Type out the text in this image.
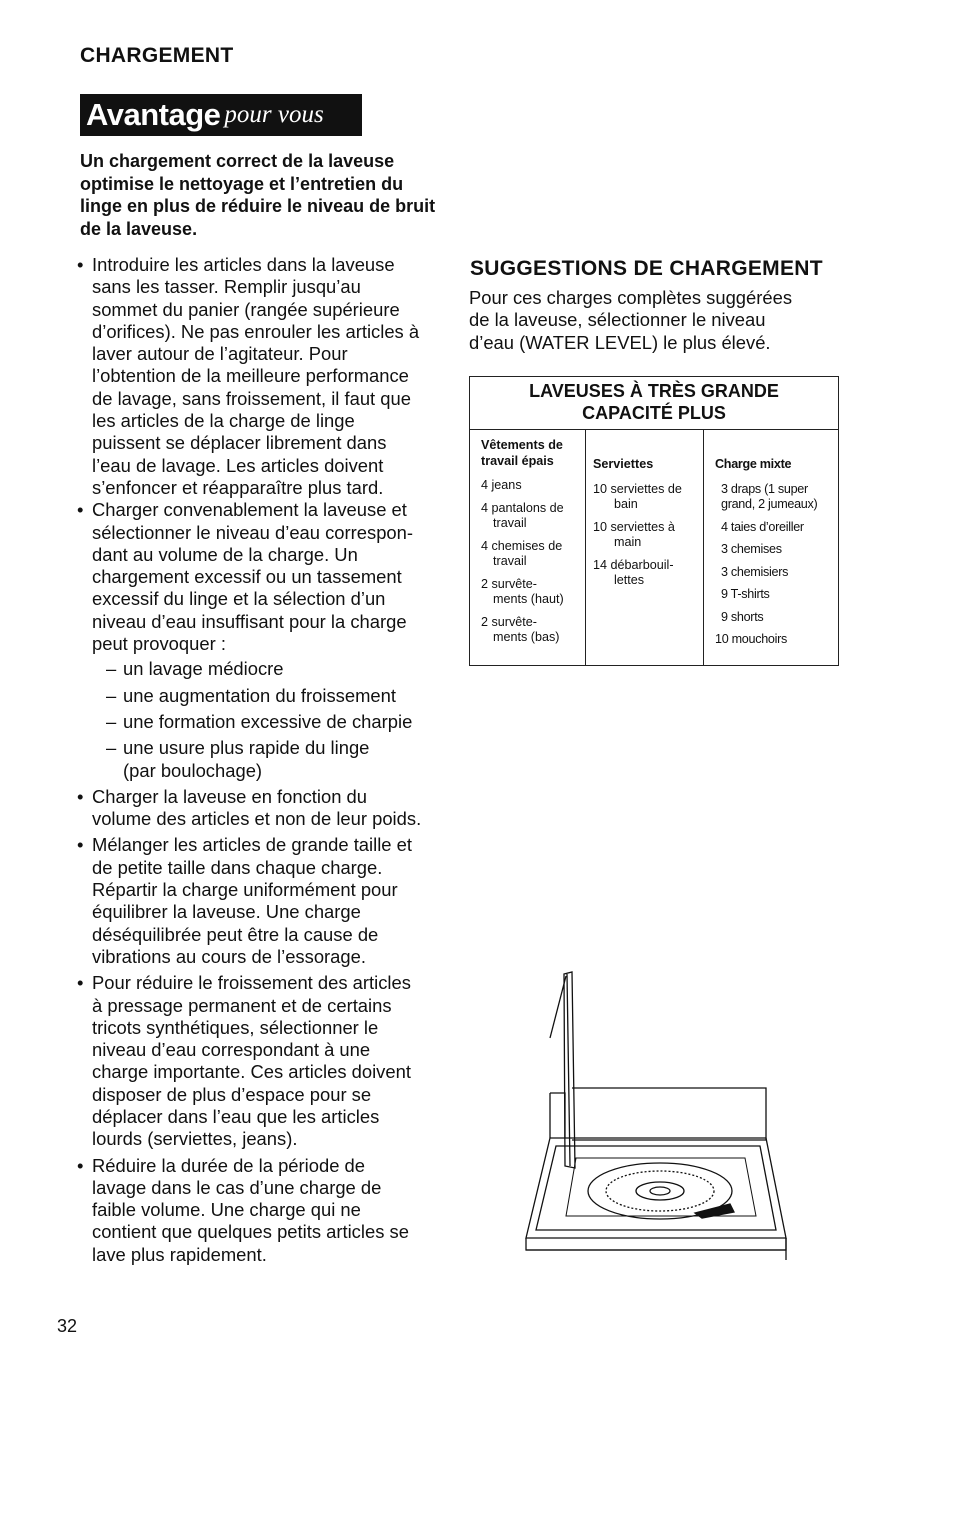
CHARGEMENT
Avantage pour vous
Un chargement correct de la laveuse optimise le nettoyage et l’entretien du linge en plus de réduire le niveau de bruit de la laveuse.
• Introduire les articles dans la laveuse
sans les tasser. Remplir jusqu’au
sommet du panier (rangée supérieure
d’orifices). Ne pas enrouler les articles à
laver autour de l’agitateur. Pour
l’obtention de la meilleure performance
de lavage, sans froissement, il faut que
les articles de la charge de linge
puissent se déplacer librement dans
l’eau de lavage. Les articles doivent
s’enfoncer et réapparaître plus tard.
• Charger convenablement la laveuse et
sélectionner le niveau d’eau correspon-
dant au volume de la charge. Un
chargement excessif ou un tassement
excessif du linge et la sélection d’un
niveau d’eau insuffisant pour la charge
peut provoquer :
– un lavage médiocre
– une augmentation du froissement
– une formation excessive de charpie
– une usure plus rapide du linge
(par boulochage)
• Charger la laveuse en fonction du
volume des articles et non de leur poids.
• Mélanger les articles de grande taille et
de petite taille dans chaque charge.
Répartir la charge uniformément pour
équilibrer la laveuse. Une charge
déséquilibrée peut être la cause de
vibrations au cours de l’essorage.
• Pour réduire le froissement des articles
à pressage permanent et de certains
tricots synthétiques, sélectionner le
niveau d’eau correspondant à une
charge importante. Ces articles doivent
disposer de plus d’espace pour se
déplacer dans l’eau que les articles
lourds (serviettes, jeans).
• Réduire la durée de la période de
lavage dans le cas d’une charge de
faible volume. Une charge qui ne
contient que quelques petits articles se
lave plus rapidement.
SUGGESTIONS DE CHARGEMENT
Pour ces charges complètes suggérées
de la laveuse, sélectionner le niveau
d’eau (WATER LEVEL) le plus élevé.
LAVEUSES À TRÈS GRANDE
CAPACITÉ PLUS
Vêtements de
travail épais
4 jeans
4 pantalons de
travail
4 chemises de
travail
2 survête-
ments (haut)
2 survête-
ments (bas)
Serviettes
10 serviettes de
bain
10 serviettes à
main
14 débarbouil-
lettes
Charge mixte
3 draps (1 super
grand, 2 jumeaux)
4 taies d’oreiller
3 chemises
3 chemisiers
9 T-shirts
9 shorts
10 mouchoirs
32
